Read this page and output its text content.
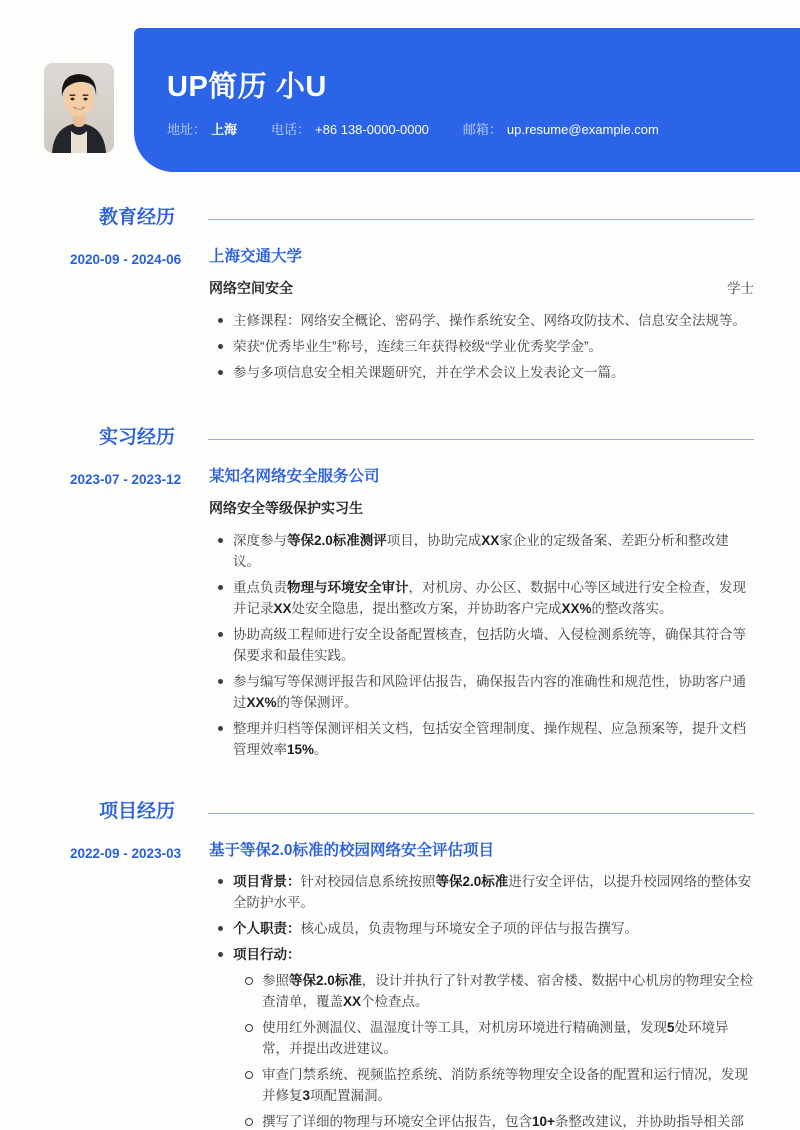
UP简历 小U
地址： 上海	电话： +86 138-0000-0000	邮箱： up.resume@example.com
教育经历
2020-09 - 2024-06	上海交通大学
网络空间安全	学士
主修课程：网络安全概论、密码学、操作系统安全、网络攻防技术、信息安全法规等。
荣获“优秀毕业生”称号，连续三年获得校级“学业优秀奖学金”。
参与多项信息安全相关课题研究，并在学术会议上发表论文一篇。
实习经历
2023-07 - 2023-12	某知名网络安全服务公司
网络安全等级保护实习生
深度参与等保2.0标准测评项目，协助完成XX家企业的定级备案、差距分析和整改建议。
重点负责物理与环境安全审计，对机房、办公区、数据中心等区域进行安全检查，发现并记录XX处安全隐患，提出整改方案，并协助客户完成XX%的整改落实。
协助高级工程师进行安全设备配置核查，包括防火墙、入侵检测系统等，确保其符合等保要求和最佳实践。
参与编写等保测评报告和风险评估报告，确保报告内容的准确性和规范性，协助客户通过XX%的等保测评。
整理并归档等保测评相关文档，包括安全管理制度、操作规程、应急预案等，提升文档管理效率15%。
项目经历
2022-09 - 2023-03	基于等保2.0标准的校园网络安全评估项目
项目背景：针对校园信息系统按照等保2.0标准进行安全评估，以提升校园网络的整体安全防护水平。
个人职责：核心成员，负责物理与环境安全子项的评估与报告撰写。
项目行动：
参照等保2.0标准，设计并执行了针对教学楼、宿舍楼、数据中心机房的物理安全检查清单，覆盖XX个检查点。
使用红外测温仪、温湿度计等工具，对机房环境进行精确测量，发现5处环境异常，并提出改进建议。
审查门禁系统、视频监控系统、消防系统等物理安全设备的配置和运行情况，发现并修复3项配置漏洞。
撰写了详细的物理与环境安全评估报告，包含10+条整改建议，并协助指导相关部
